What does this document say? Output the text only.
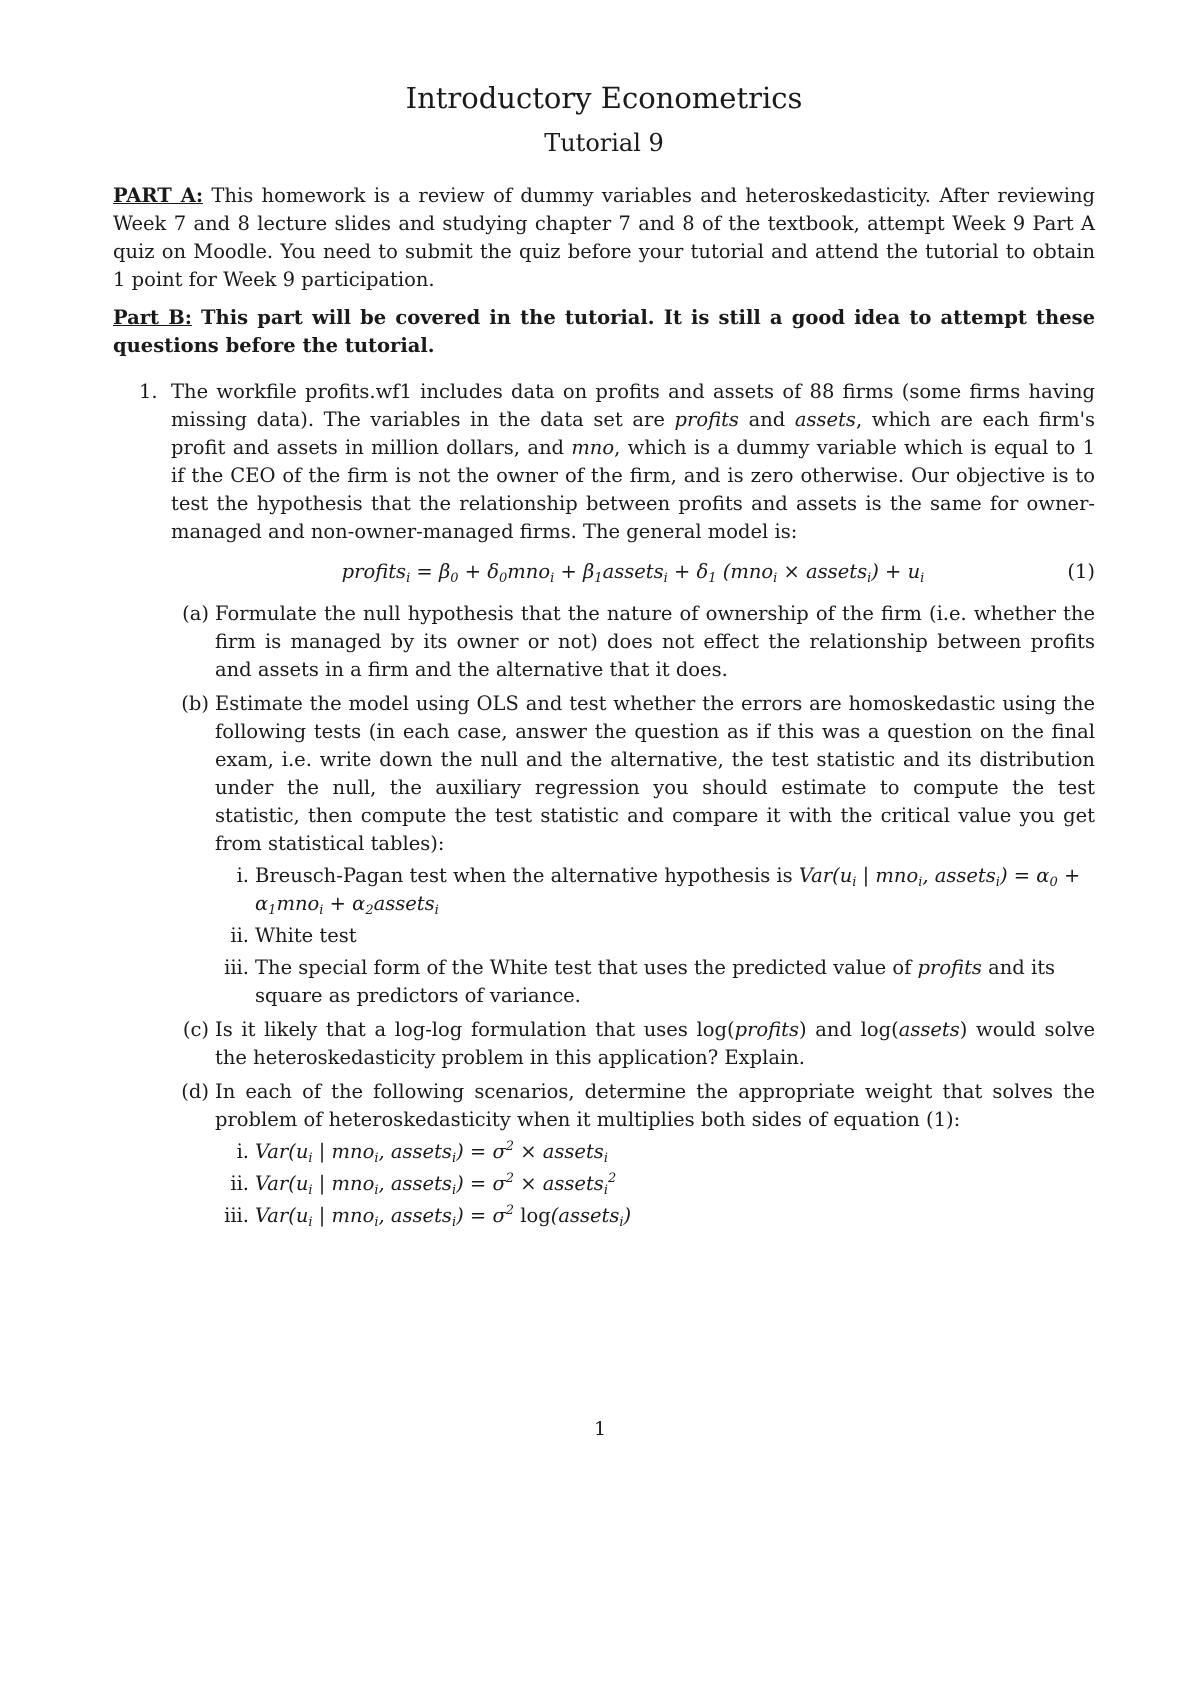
Introductory Econometrics
Tutorial 9

PART A: This homework is a review of dummy variables and heteroskedasticity. After reviewing Week 7 and 8 lecture slides and studying chapter 7 and 8 of the textbook, attempt Week 9 Part A quiz on Moodle. You need to submit the quiz before your tutorial and attend the tutorial to obtain 1 point for Week 9 participation.

Part B: This part will be covered in the tutorial. It is still a good idea to attempt these questions before the tutorial.

1. The workfile profits.wf1 includes data on profits and assets of 88 firms (some firms having missing data). The variables in the data set are profits and assets, which are each firm's profit and assets in million dollars, and mno, which is a dummy variable which is equal to 1 if the CEO of the firm is not the owner of the firm, and is zero otherwise. Our objective is to test the hypothesis that the relationship between profits and assets is the same for owner-managed and non-owner-managed firms. The general model is:
profits$_i$ = $\beta_0 + \delta_0mno_i$ + $\beta_1assets_i + \delta_1$ (mno$_i$ × assets$_i$) + $u_i$	(1)
(a) Formulate the null hypothesis that the nature of ownership of the firm (i.e. whether the firm is managed by its owner or not) does not effect the relationship between profits and assets in a firm and the alternative that it does.
(b) Estimate the model using OLS and test whether the errors are homoskedastic using the following tests (in each case, answer the question as if this was a question on the final exam, i.e. write down the null and the alternative, the test statistic and its distribution under the null, the auxiliary regression you should estimate to compute the test statistic, then compute the test statistic and compare it with the critical value you get from statistical tables):
i. Breusch-Pagan test when the alternative hypothesis is $Var(u_i$ | mno$_i$, assets$_i$) = $\alpha_0 + \alpha_1mno_i$ + $\alpha_2assets_i$
ii. White test
iii. The special form of the White test that uses the predicted value of profits and its square as predictors of variance.
(c) Is it likely that a log-log formulation that uses log(profits) and log(assets) would solve the heteroskedasticity problem in this application? Explain.
(d) In each of the following scenarios, determine the appropriate weight that solves the problem of heteroskedasticity when it multiplies both sides of equation (1):
i. $Var(u_i$ | mno$_i$, assets$_i$) = $\sigma^2$ × assets$_i$
ii. $Var(u_i$ | mno$_i$, assets$_i$) = $\sigma^2$ × assets$_i^2$
iii. $Var(u_i$ | mno$_i$, assets$_i$) = $\sigma^2$ log(assets$_i$)
1
